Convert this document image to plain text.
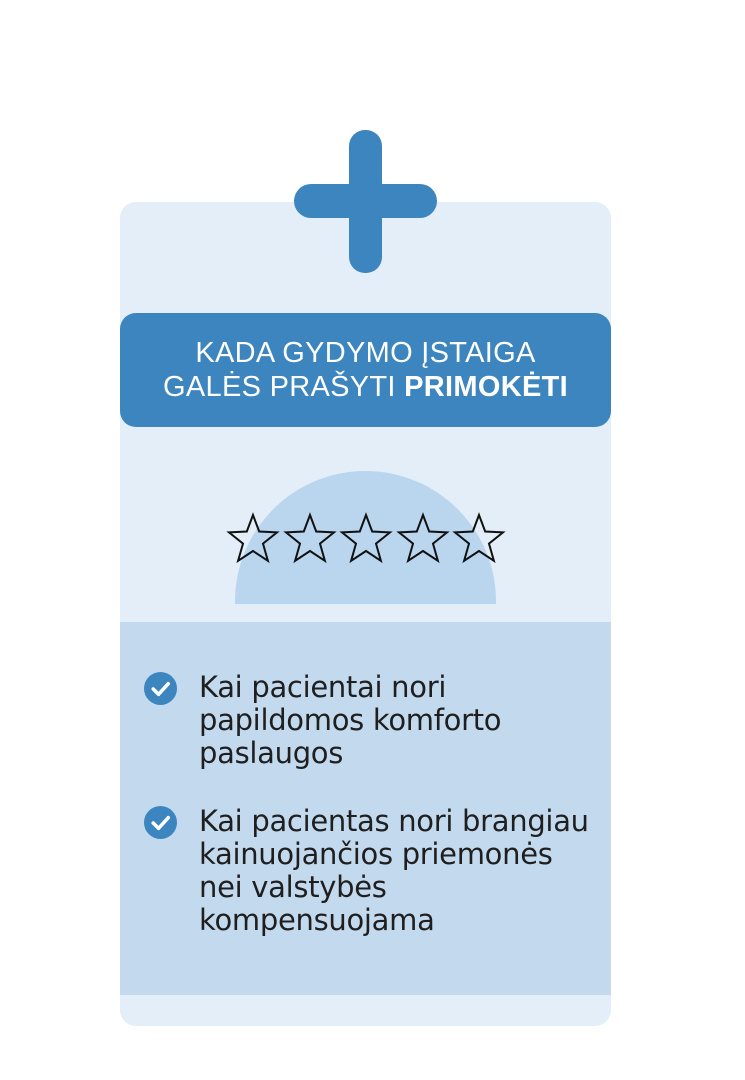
KADA GYDYMO ĮSTAIGA
GALĖS PRAŠYTI PRIMOKĖTI
Kai pacientai nori papildomos komforto paslaugos
Kai pacientas nori brangiau kainuojančios priemonės nei valstybės kompensuojama
